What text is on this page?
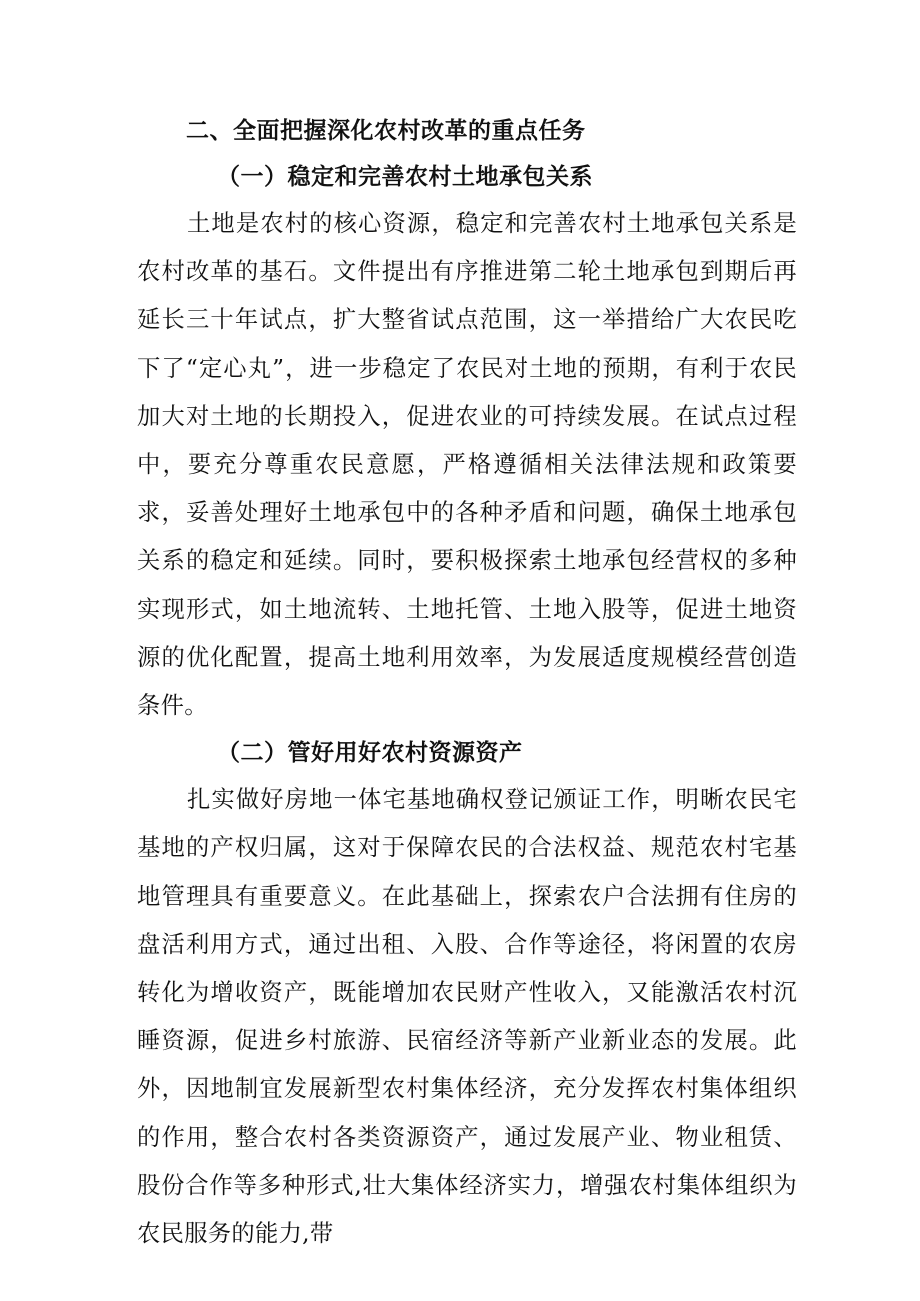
二、全面把握深化农村改革的重点任务
（一）稳定和完善农村土地承包关系

土地是农村的核心资源，稳定和完善农村土地承包关系是农村改革的基石。文件提出有序推进第二轮土地承包到期后再延长三十年试点，扩大整省试点范围，这一举措给广大农民吃下了“定心丸”，进一步稳定了农民对土地的预期，有利于农民加大对土地的长期投入，促进农业的可持续发展。在试点过程中，要充分尊重农民意愿，严格遵循相关法律法规和政策要求，妥善处理好土地承包中的各种矛盾和问题，确保土地承包关系的稳定和延续。同时，要积极探索土地承包经营权的多种实现形式，如土地流转、土地托管、土地入股等，促进土地资源的优化配置，提高土地利用效率，为发展适度规模经营创造条件。

（二）管好用好农村资源资产

扎实做好房地一体宅基地确权登记颁证工作，明晰农民宅基地的产权归属，这对于保障农民的合法权益、规范农村宅基地管理具有重要意义。在此基础上，探索农户合法拥有住房的盘活利用方式，通过出租、入股、合作等途径，将闲置的农房转化为增收资产，既能增加农民财产性收入，又能激活农村沉睡资源，促进乡村旅游、民宿经济等新产业新业态的发展。此外，因地制宜发展新型农村集体经济，充分发挥农村集体组织的作用，整合农村各类资源资产，通过发展产业、物业租赁、股份合作等多种形式,壮大集体经济实力，增强农村集体组织为农民服务的能力,带
